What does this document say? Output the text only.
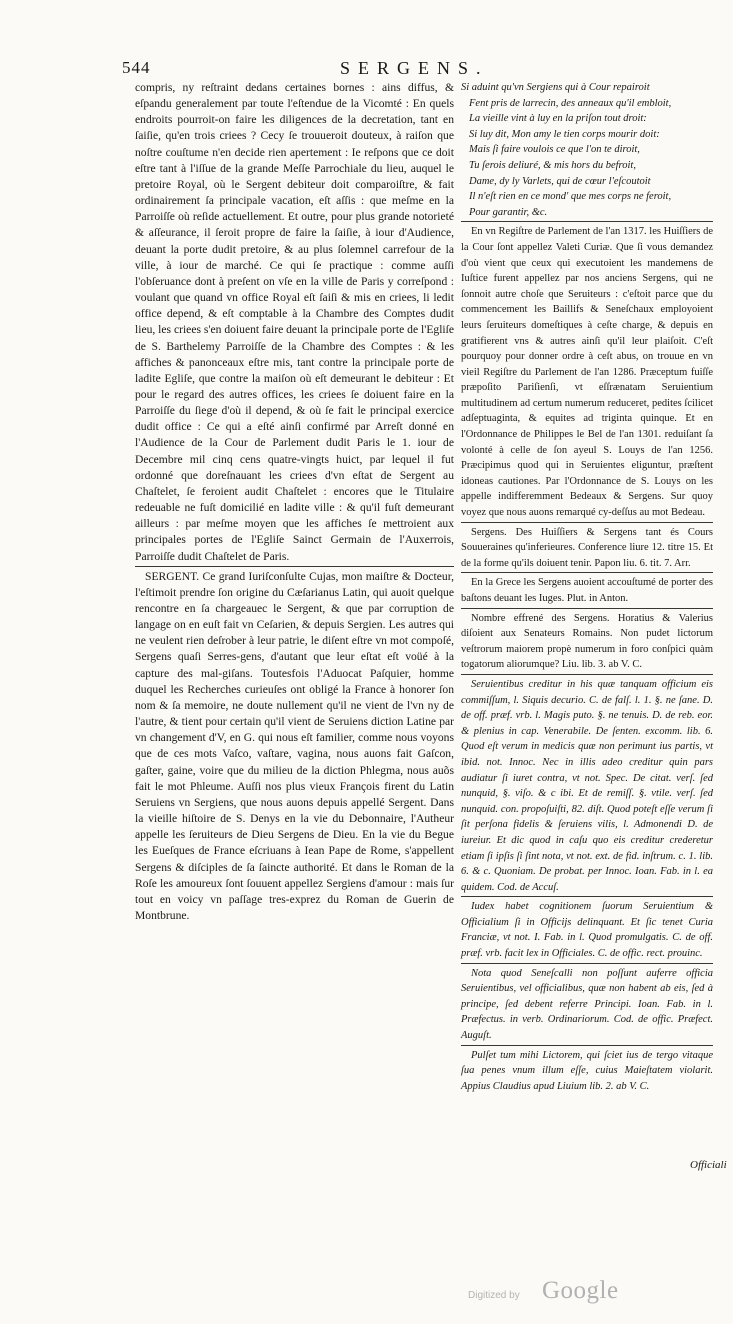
544	SERGENS.

compris, ny reſtraint dedans certaines bornes : ains diffus, & eſpandu generalement par toute l'eſtendue de la Vicomté : En quels endroits pourroit-on faire les diligences de la decretation, tant en ſaiſie, qu'en trois criees ? Cecy ſe trouueroit douteux, à raiſon que noſtre couſtume n'en decide rien apertement : Ie reſpons que ce doit eſtre tant à l'iſſue de la grande Meſſe Parrochiale du lieu, auquel le pretoire Royal, où le Sergent debiteur doit comparoiſtre, & fait ordinairement ſa principale vacation, eſt aſſis : que meſme en la Parroiſſe où reſide actuellement. Et outre, pour plus grande notorieté & aſſeurance, il ſeroit propre de faire la ſaiſie, à iour d'Audience, deuant la porte dudit pretoire, & au plus ſolemnel carrefour de la ville, à iour de marché. Ce qui ſe practique : comme auſſi l'obſeruance dont à preſent on vſe en la ville de Paris y correſpond : voulant que quand vn office Royal eſt ſaiſi & mis en criees, li ledit office depend, & eſt comptable à la Chambre des Comptes dudit lieu, les criees s'en doiuent faire deuant la principale porte de l'Egliſe de S. Barthelemy Parroiſſe de la Chambre des Comptes : & les affiches & panonceaux eſtre mis, tant contre la principale porte de ladite Egliſe, que contre la maiſon où eſt demeurant le debiteur : Et pour le regard des autres offices, les criees ſe doiuent faire en la Parroiſſe du ſiege d'où il depend, & où ſe fait le principal exercice dudit office : Ce qui a eſté ainſi confirmé par Arreſt donné en l'Audience de la Cour de Parlement dudit Paris le 1. iour de Decembre mil cinq cens quatre-vingts huict, par lequel il fut ordonné que doreſnauant les criees d'vn eſtat de Sergent au Chaſtelet, ſe feroient audit Chaſtelet : encores que le Titulaire redeuable ne fuſt domicilié en ladite ville : & qu'il fuſt demeurant ailleurs : par meſme moyen que les affiches ſe mettroient aux principales portes de l'Egliſe Sainct Germain de l'Auxerrois, Parroiſſe dudit Chaſtelet de Paris.

SERGENT. Ce grand Iuriſconſulte Cujas, mon maiſtre & Docteur, l'eſtimoit prendre ſon origine du Cæſarianus Latin, qui auoit quelque rencontre en ſa chargeauec le Sergent, & que par corruption de langage on en euſt fait vn Ceſarien, & depuis Sergien. Les autres qui ne veulent rien deſrober à leur patrie, le diſent eſtre vn mot compoſé, Sergens quaſi Serres-gens, d'autant que leur eſtat eſt voüé à la capture des mal-giſans. Toutesfois l'Aduocat Paſquier, homme duquel les Recherches curieuſes ont obligé la France à honorer ſon nom & ſa memoire, ne doute nullement qu'il ne vient de l'vn ny de l'autre, & tient pour certain qu'il vient de Seruiens diction Latine par vn changement d'V, en G. qui nous eſt familier, comme nous voyons que de ces mots Vaſco, vaſtare, vagina, nous auons fait Gaſcon, gaſter, gaine, voire que du milieu de la diction Phlegma, nous auõs fait le mot Phleume. Auſſi nos plus vieux François firent du Latin Seruiens vn Sergiens, que nous auons depuis appellé Sergent. Dans la vieille hiſtoire de S. Denys en la vie du Debonnaire, l'Autheur appelle les ſeruiteurs de Dieu Sergens de Dieu. En la vie du Begue les Eueſques de France eſcriuans à Iean Pape de Rome, s'appellent Sergens & diſciples de ſa ſaincte authorité. Et dans le Roman de la Roſe les amoureux ſont ſouuent appellez Sergiens d'amour : mais ſur tout en voicy vn paſſage tres-exprez du Roman de Guerin de Montbrune.

Si aduint qu'vn Sergiens qui à Cour repairoit

Fent pris de larrecin, des anneaux qu'il embloit,

La vieille vint à luy en la priſon tout droit:

Si luy dit, Mon amy le tien corps mourir doit:

Mais ſi faire voulois ce que l'on te diroit,

Tu ſerois deliuré, & mis hors du befroit,

Dame, dy ly Varlets, qui de cœur l'eſcoutoit

Il n'eſt rien en ce mond' que mes corps ne feroit,

Pour garantir, &c.

En vn Regiſtre de Parlement de l'an 1317. les Huiſſiers de la Cour ſont appellez Valeti Curiæ. Que ſi vous demandez d'où vient que ceux qui executoient les mandemens de Iuſtice furent appellez par nos anciens Sergens, qui ne ſonnoit autre choſe que Seruiteurs : c'eſtoit parce que du commencement les Baillifs & Seneſchaux employoient leurs ſeruiteurs domeſtiques à ceſte charge, & depuis en gratifierent vns & autres ainſi qu'il leur plaiſoit. C'eſt pourquoy pour donner ordre à ceſt abus, on trouue en vn vieil Regiſtre du Parlement de l'an 1286. Præceptum fuiſſe præpoſito Pariſienſi, vt eſſrænatam Seruientium multitudinem ad certum numerum reduceret, pedites ſcilicet adſeptuaginta, & equites ad triginta quinque. Et en l'Ordonnance de Philippes le Bel de l'an 1301. reduiſant ſa volonté à celle de ſon ayeul S. Louys de l'an 1256. Præcipimus quod qui in Seruientes eliguntur, præſtent idoneas cautiones. Par l'Ordonnance de S. Louys on les appelle indifferemment Bedeaux & Sergens. Sur quoy voyez que nous auons remarqué cy-deſſus au mot Bedeau.

Sergens. Des Huiſſiers & Sergens tant és Cours Souueraines qu'inferieures. Conference liure 12. titre 15. Et de la forme qu'ils doiuent tenir. Papon liu. 6. tit. 7. Arr.

En la Grece les Sergens auoient accouſtumé de porter des baſtons deuant les Iuges. Plut. in Anton.

Nombre effrené des Sergens. Horatius & Valerius diſoient aux Senateurs Romains. Non pudet lictorum veſtrorum maiorem propè numerum in foro conſpici quàm togatorum aliorumque? Liu. lib. 3. ab V. C.

Seruientibus creditur in his quæ tanquam officium eis commiſſum, l. Siquis decurio. C. de falſ. l. 1. §. ne ſane. D. de off. præf. vrb. l. Magis puto. §. ne tenuis. D. de reb. eor. & plenius in cap. Venerabile. De ſenten. excomm. lib. 6. Quod eſt verum in medicis quæ non perimunt ius partis, vt ibid. not. Innoc. Nec in illis adeo creditur quin pars audiatur ſi iuret contra, vt not. Spec. De citat. verſ. ſed nunquid, §. viſo. & c ibi. Et de remiſſ. §. vtile. verſ. ſed nunquid. con. propoſuiſti, 82. diſt. Quod poteſt eſſe verum ſi ſit perſona fidelis & ſeruiens vilis, l. Admonendi D. de iureiur. Et dic quod in caſu quo eis creditur crederetur etiam ſi ipſis ſi ſint nota, vt not. ext. de fid. inſtrum. c. 1. lib. 6. & c. Quoniam. De probat. per Innoc. Ioan. Fab. in l. ea quidem. Cod. de Accuſ.

Iudex habet cognitionem ſuorum Seruientium & Officialium ſi in Officijs delinquant. Et ſic tenet Curia Franciæ, vt not. I. Fab. in l. Quod promulgatis. C. de off. præf. vrb. facit lex in Officiales. C. de offic. rect. prouinc.

Nota quod Seneſcalli non poſſunt auferre officia Seruientibus, vel officialibus, quæ non habent ab eis, ſed à principe, ſed debent referre Principi. Ioan. Fab. in l. Præfectus. in verb. Ordinariorum. Cod. de offic. Præfect. Auguſt.

Pulſet tum mihi Lictorem, qui ſciet ius de tergo vitaque ſua penes vnum illum eſſe, cuius Maieſtatem violarit. Appius Claudius apud Liuium lib. 2. ab V. C.

Officiali
Digitized by Google
